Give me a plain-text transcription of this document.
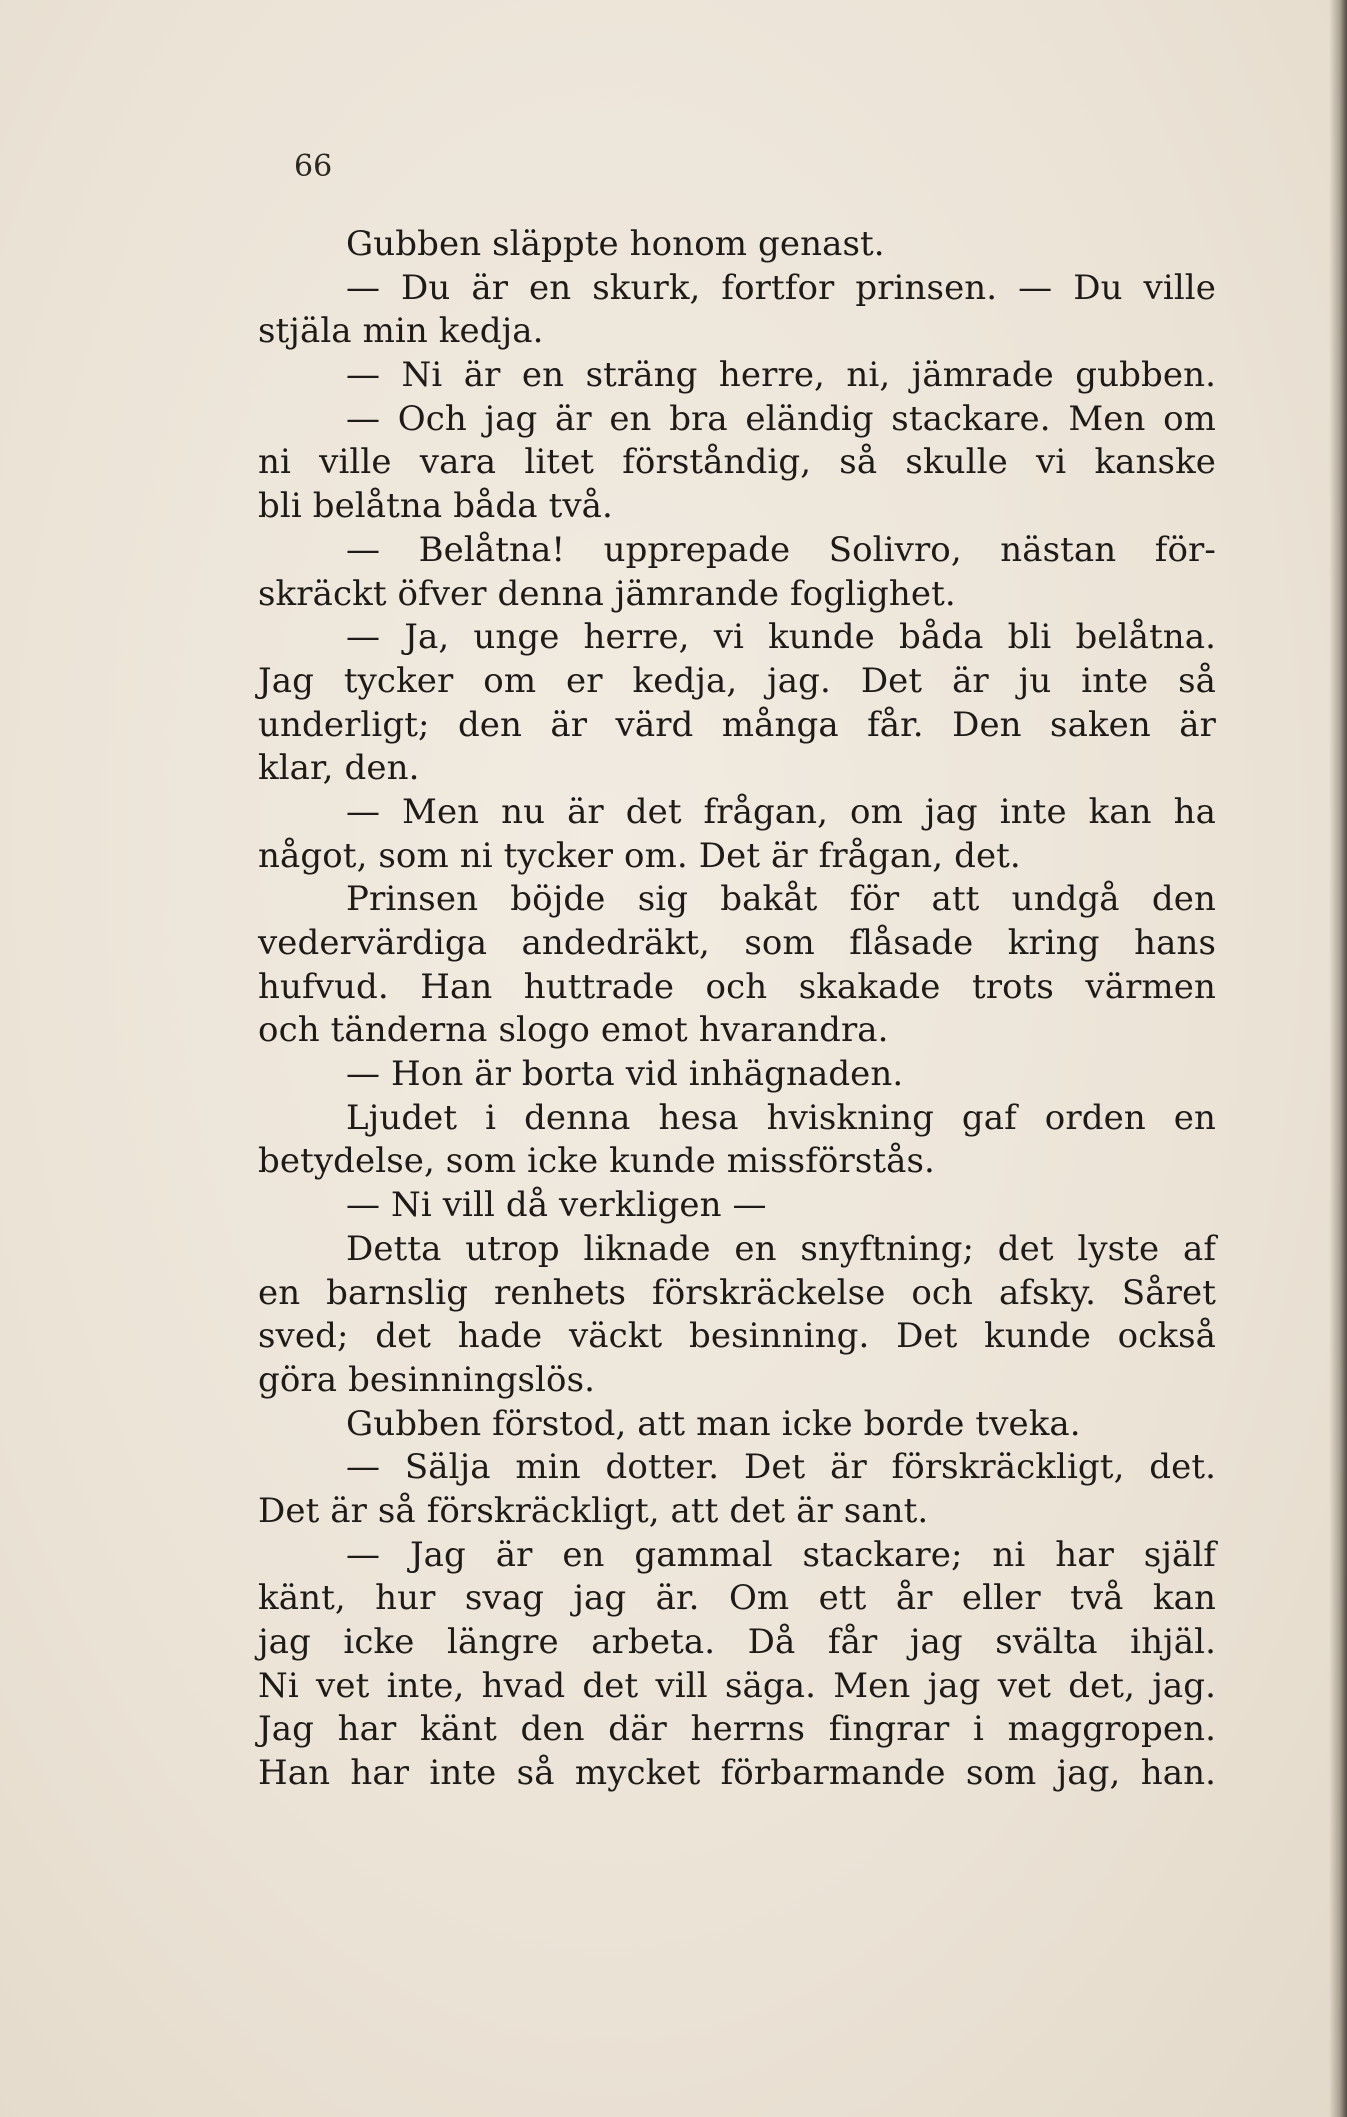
66
Gubben släppte honom genast.
— Du är en skurk, fortfor prinsen. — Du ville
stjäla min kedja.
— Ni är en sträng herre, ni, jämrade gubben.
— Och jag är en bra eländig stackare. Men om
ni ville vara litet förståndig, så skulle vi kanske
bli belåtna båda två.
— Belåtna! upprepade Solivro, nästan för-
skräckt öfver denna jämrande foglighet.
— Ja, unge herre, vi kunde båda bli belåtna.
Jag tycker om er kedja, jag. Det är ju inte så
underligt; den är värd många får. Den saken är
klar, den.
— Men nu är det frågan, om jag inte kan ha
något, som ni tycker om. Det är frågan, det.
Prinsen böjde sig bakåt för att undgå den
vedervärdiga andedräkt, som flåsade kring hans
hufvud. Han huttrade och skakade trots värmen
och tänderna slogo emot hvarandra.
— Hon är borta vid inhägnaden.
Ljudet i denna hesa hviskning gaf orden en
betydelse, som icke kunde missförstås.
— Ni vill då verkligen —
Detta utrop liknade en snyftning; det lyste af
en barnslig renhets förskräckelse och afsky. Såret
sved; det hade väckt besinning. Det kunde också
göra besinningslös.
Gubben förstod, att man icke borde tveka.
— Sälja min dotter. Det är förskräckligt, det.
Det är så förskräckligt, att det är sant.
— Jag är en gammal stackare; ni har själf
känt, hur svag jag är. Om ett år eller två kan
jag icke längre arbeta. Då får jag svälta ihjäl.
Ni vet inte, hvad det vill säga. Men jag vet det, jag.
Jag har känt den där herrns fingrar i maggropen.
Han har inte så mycket förbarmande som jag, han.
